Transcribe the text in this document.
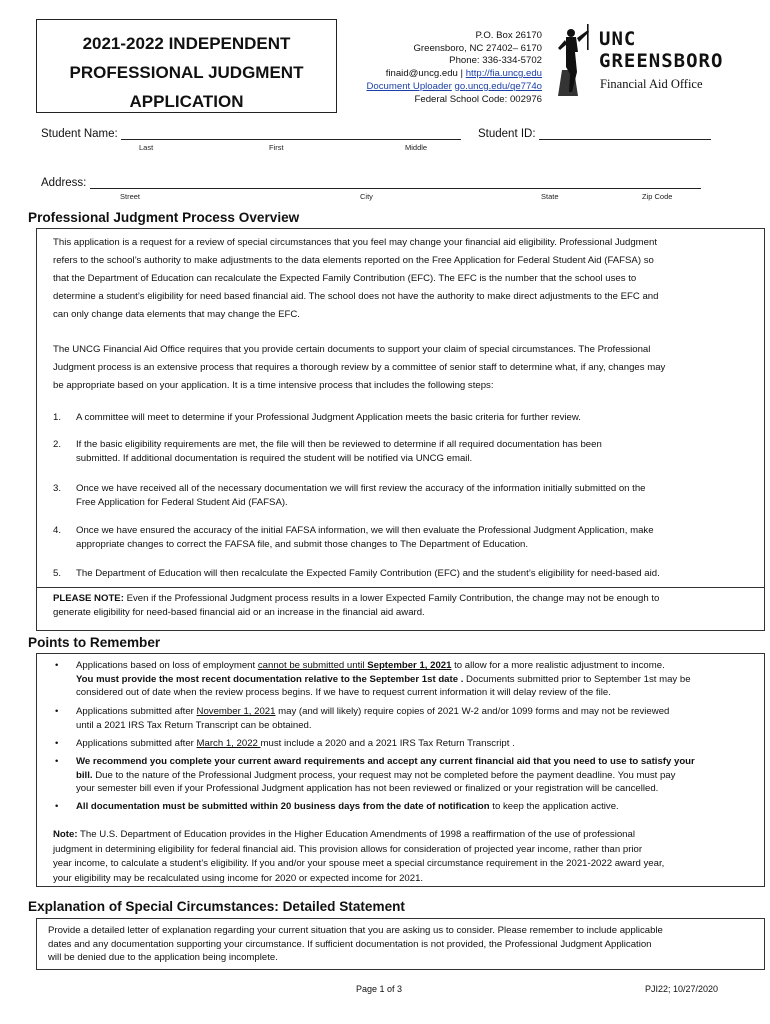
2021-2022 INDEPENDENT
PROFESSIONAL JUDGMENT
APPLICATION
P.O. Box 26170
Greensboro, NC 27402– 6170
Phone: 336-334-5702
finaid@uncg.edu | http://fia.uncg.edu
Document Uploader go.uncg.edu/qe774o
Federal School Code: 002976
UNC
GREENSBORO
Financial Aid Office
Student Name:	Student ID:
Last	First	Middle
Address:
Street	City	State	Zip Code
Professional Judgment Process Overview
This application is a request for a review of special circumstances that you feel may change your financial aid eligibility. Professional Judgment
refers to the school’s authority to make adjustments to the data elements reported on the Free Application for Federal Student Aid (FAFSA) so
that the Department of Education can recalculate the Expected Family Contribution (EFC). The EFC is the number that the school uses to
determine a student’s eligibility for need based financial aid. The school does not have the authority to make direct adjustments to the EFC and
can only change data elements that may change the EFC.
The UNCG Financial Aid Office requires that you provide certain documents to support your claim of special circumstances. The Professional
Judgment process is an extensive process that requires a thorough review by a committee of senior staff to determine what, if any, changes may
be appropriate based on your application. It is a time intensive process that includes the following steps:
1. A committee will meet to determine if your Professional Judgment Application meets the basic criteria for further review.
2. If the basic eligibility requirements are met, the file will then be reviewed to determine if all required documentation has been
submitted. If additional documentation is required the student will be notified via UNCG email.
3. Once we have received all of the necessary documentation we will first review the accuracy of the information initially submitted on the
Free Application for Federal Student Aid (FAFSA).
4. Once we have ensured the accuracy of the initial FAFSA information, we will then evaluate the Professional Judgment Application, make
appropriate changes to correct the FAFSA file, and submit those changes to The Department of Education.
5. The Department of Education will then recalculate the Expected Family Contribution (EFC) and the student’s eligibility for need-based aid.
PLEASE NOTE: Even if the Professional Judgment process results in a lower Expected Family Contribution, the change may not be enough to
generate eligibility for need-based financial aid or an increase in the financial aid award.
Points to Remember
• Applications based on loss of employment cannot be submitted until September 1, 2021 to allow for a more realistic adjustment to income.
You must provide the most recent documentation relative to the September 1st date . Documents submitted prior to September 1st may be
considered out of date when the review process begins. If we have to request current information it will delay review of the file.
• Applications submitted after November 1, 2021 may (and will likely) require copies of 2021 W-2 and/or 1099 forms and may not be reviewed
until a 2021 IRS Tax Return Transcript can be obtained.
• Applications submitted after March 1, 2022 must include a 2020 and a 2021 IRS Tax Return Transcript .
• We recommend you complete your current award requirements and accept any current financial aid that you need to use to satisfy your
bill. Due to the nature of the Professional Judgment process, your request may not be completed before the payment deadline. You must pay
your semester bill even if your Professional Judgment application has not been reviewed or finalized or your registration will be cancelled.
• All documentation must be submitted within 20 business days from the date of notification to keep the application active.
Note: The U.S. Department of Education provides in the Higher Education Amendments of 1998 a reaffirmation of the use of professional
judgment in determining eligibility for federal financial aid. This provision allows for consideration of projected year income, rather than prior
year income, to calculate a student’s eligibility. If you and/or your spouse meet a special circumstance requirement in the 2021-2022 award year,
your eligibility may be recalculated using income for 2020 or expected income for 2021.
Explanation of Special Circumstances: Detailed Statement
Provide a detailed letter of explanation regarding your current situation that you are asking us to consider. Please remember to include applicable
dates and any documentation supporting your circumstance. If sufficient documentation is not provided, the Professional Judgment Application
will be denied due to the application being incomplete.
Page 1 of 3	PJI22; 10/27/2020
